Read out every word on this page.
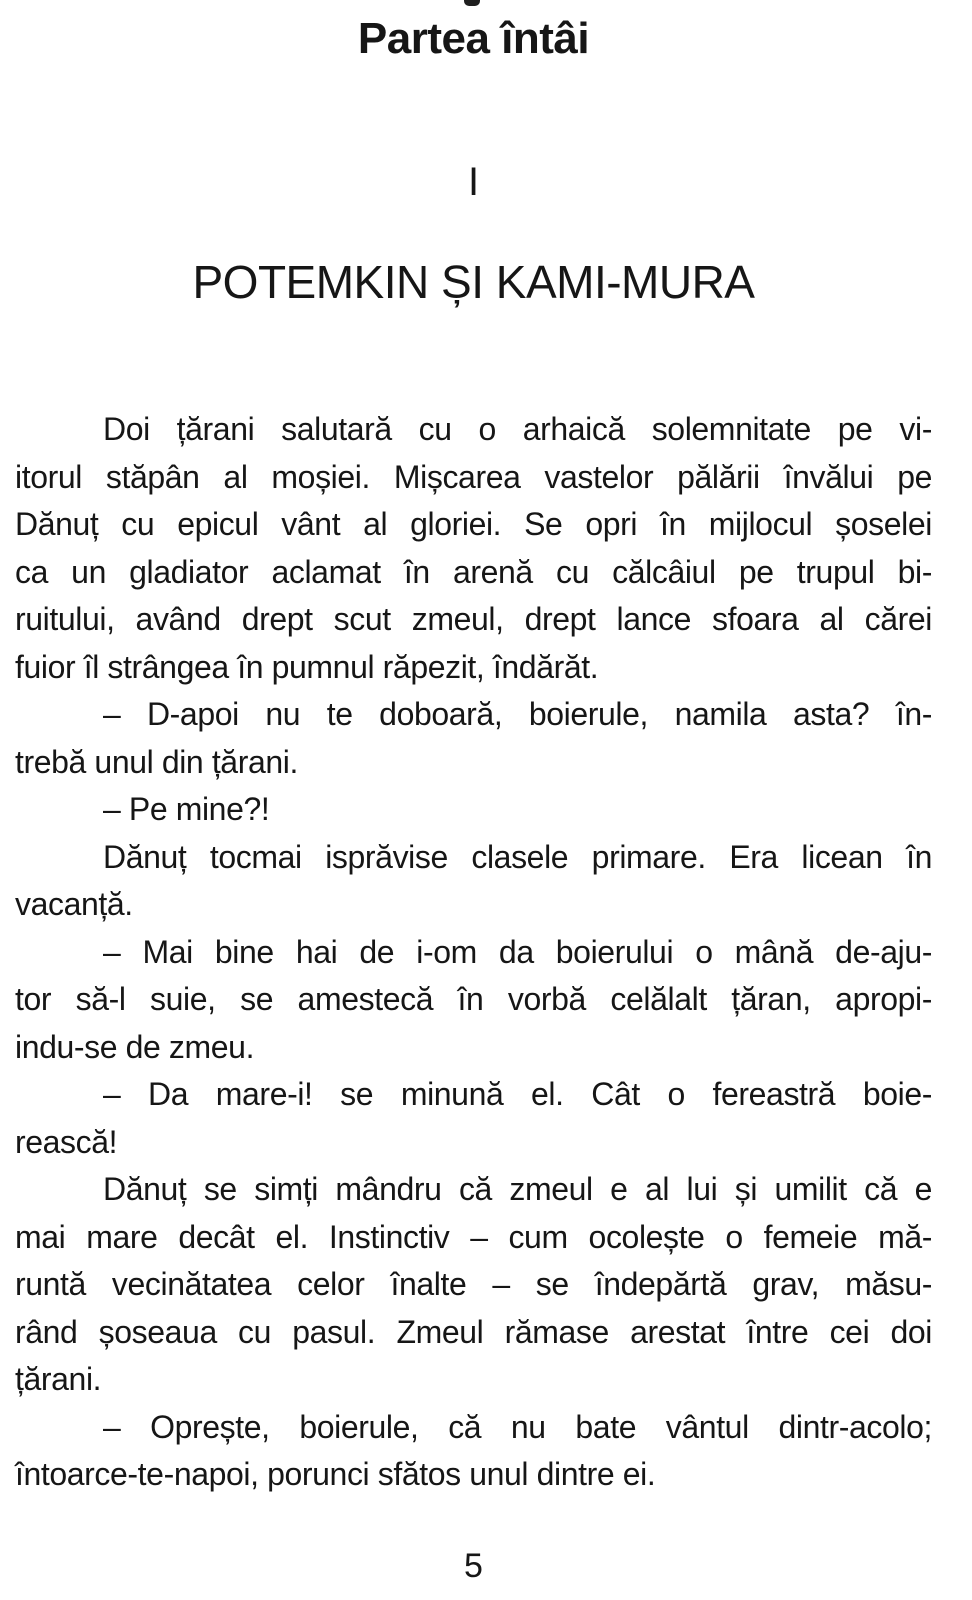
Partea întâi
I
POTEMKIN ȘI KAMI-MURA
Doi țărani salutară cu o arhaică solemnitate pe vi-
itorul stăpân al moșiei. Mișcarea vastelor pălării învălui pe
Dănuț cu epicul vânt al gloriei. Se opri în mijlocul șoselei
ca un gladiator aclamat în arenă cu călcâiul pe trupul bi-
ruitului, având drept scut zmeul, drept lance sfoara al cărei
fuior îl strângea în pumnul răpezit, îndărăt.
– D-apoi nu te doboară, boierule, namila asta? în-
trebă unul din țărani.
– Pe mine?!
Dănuț tocmai isprăvise clasele primare. Era licean în
vacanță.
– Mai bine hai de i-om da boierului o mână de-aju-
tor să-l suie, se amestecă în vorbă celălalt țăran, apropi-
indu-se de zmeu.
– Da mare-i! se minună el. Cât o fereastră boie-
rească!
Dănuț se simți mândru că zmeul e al lui și umilit că e
mai mare decât el. Instinctiv – cum ocolește o femeie mă-
runtă vecinătatea celor înalte – se îndepărtă grav, măsu-
rând șoseaua cu pasul. Zmeul rămase arestat între cei doi
țărani.
– Oprește, boierule, că nu bate vântul dintr-acolo;
întoarce-te-napoi, porunci sfătos unul dintre ei.
5
